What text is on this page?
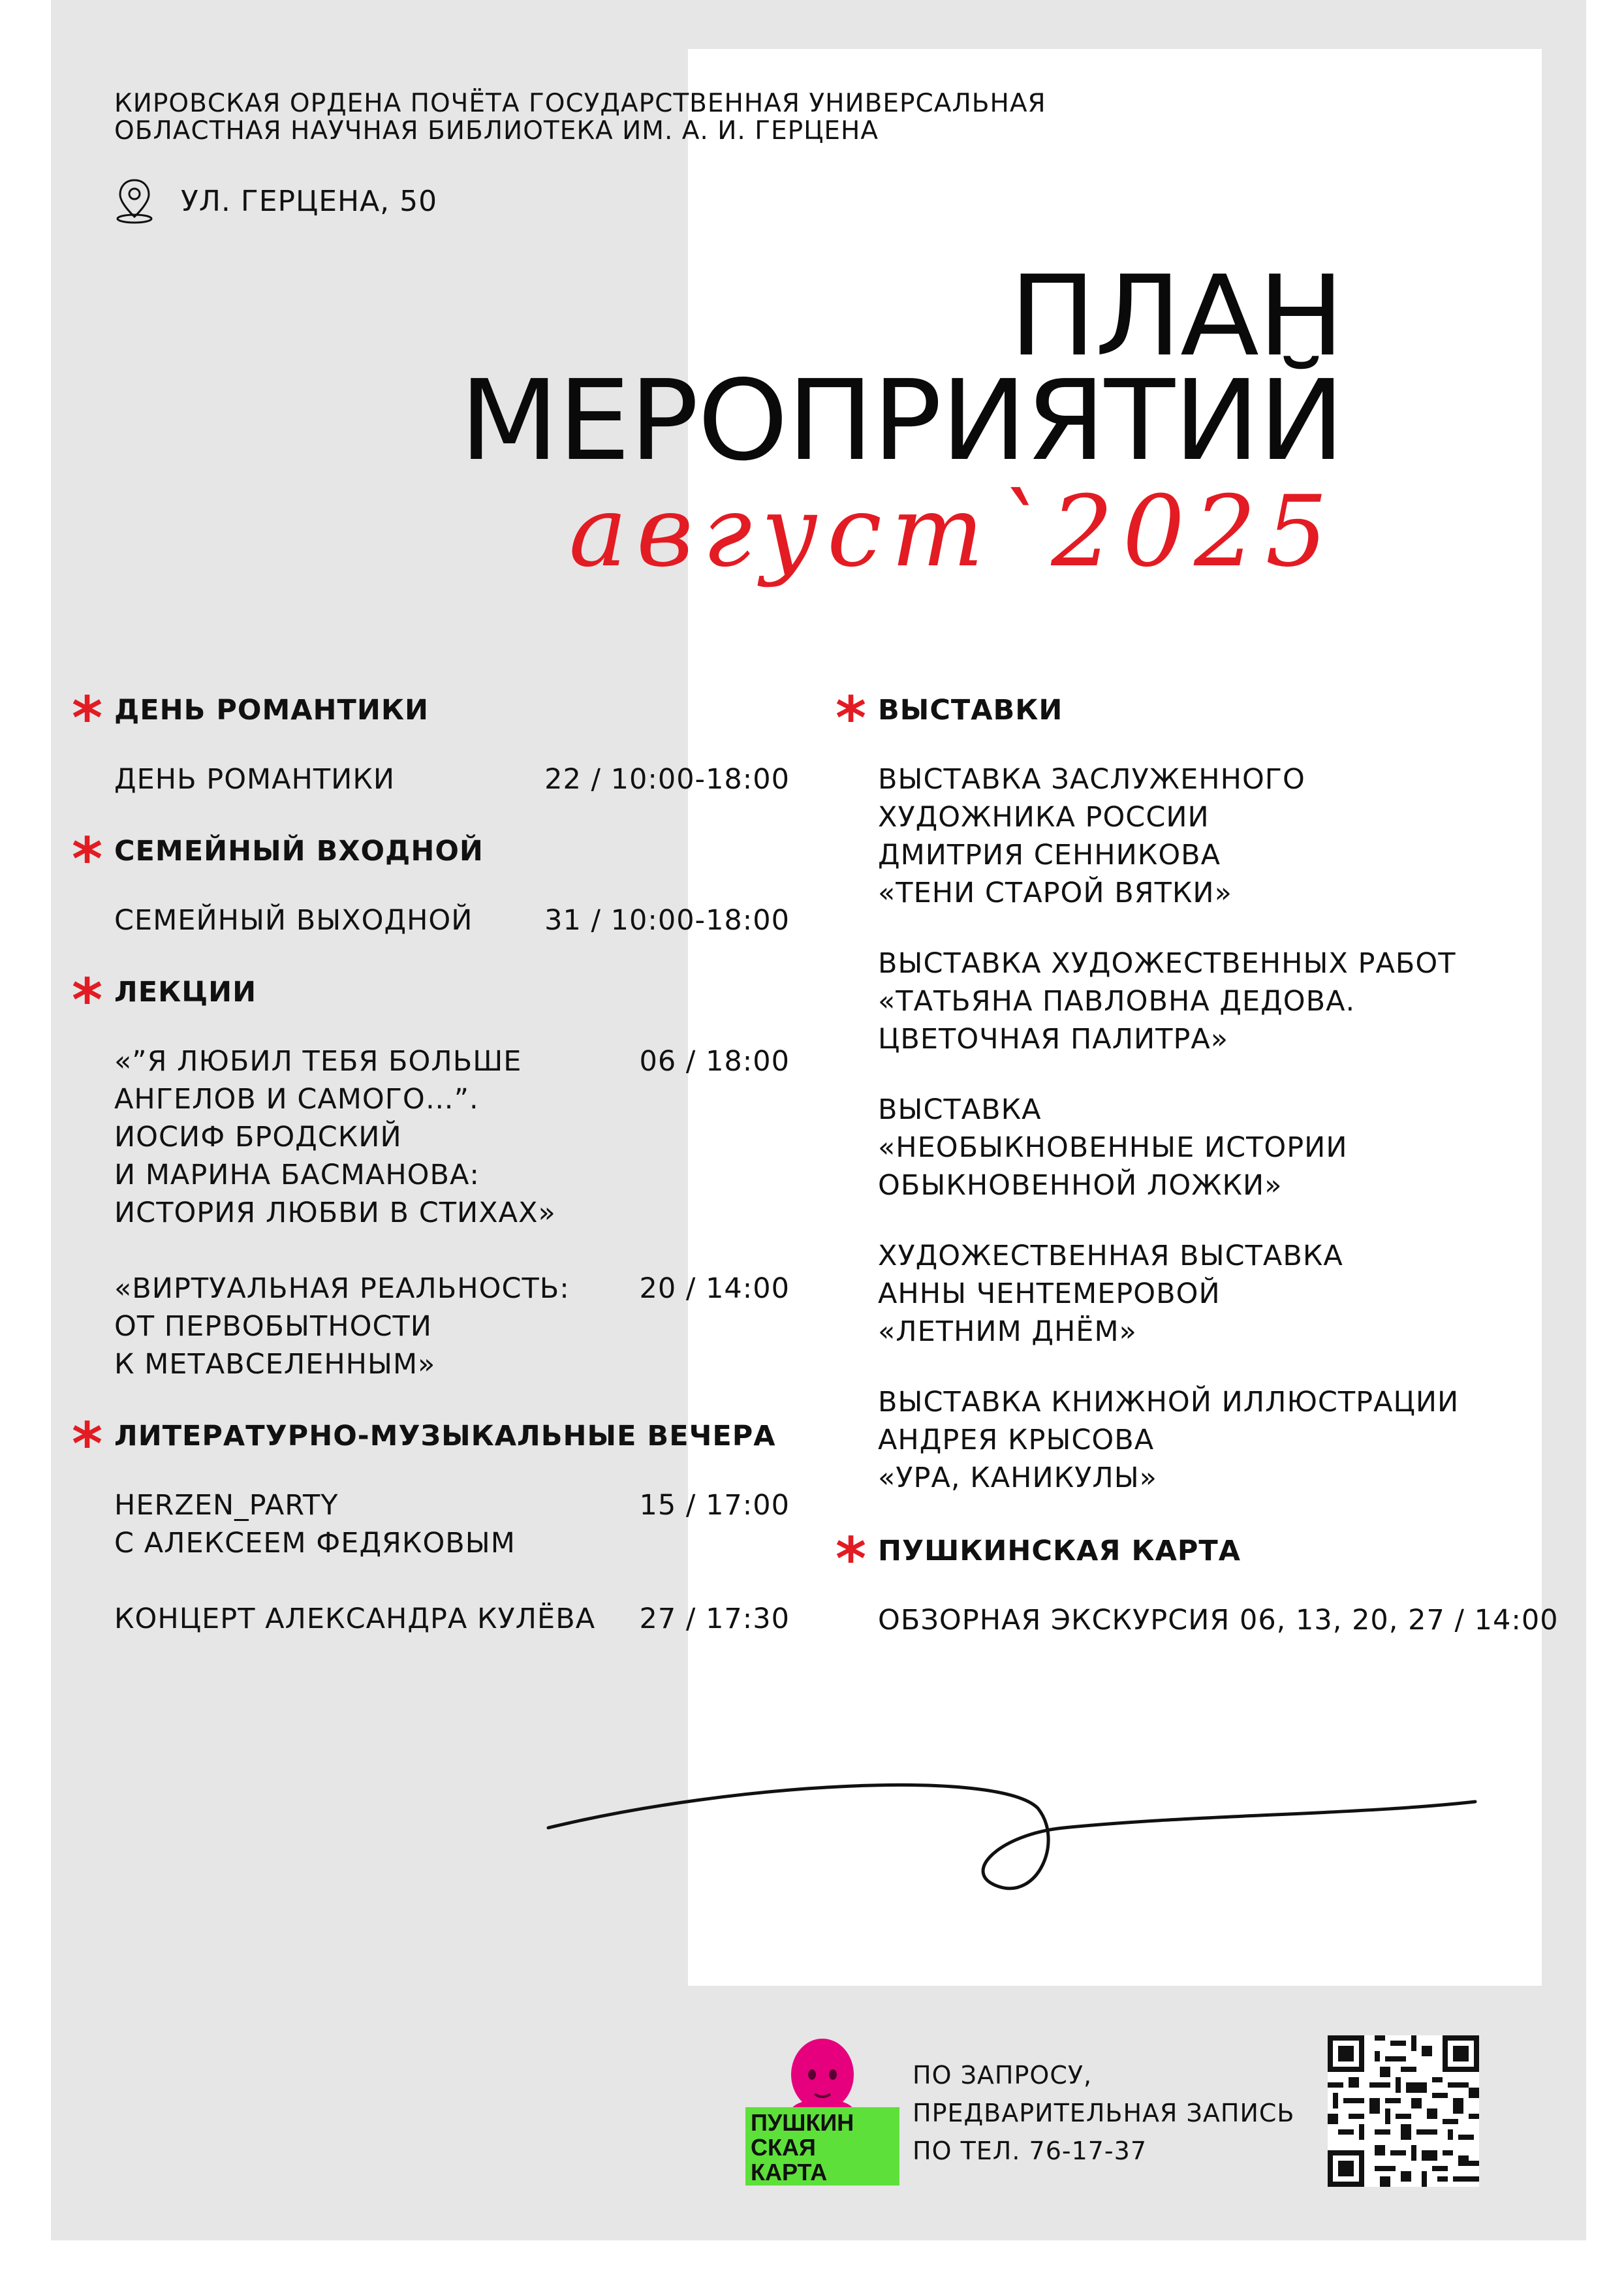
КИРОВСКАЯ ОРДЕНА ПОЧЁТА ГОСУДАРСТВЕННАЯ УНИВЕРСАЛЬНАЯ
ОБЛАСТНАЯ НАУЧНАЯ БИБЛИОТЕКА ИМ. А. И. ГЕРЦЕНА
УЛ. ГЕРЦЕНА, 50
ПЛАН
МЕРОПРИЯТИЙ
август`2025
* ДЕНЬ РОМАНТИКИ
ДЕНЬ РОМАНТИКИ	22 / 10:00-18:00
* СЕМЕЙНЫЙ ВХОДНОЙ
СЕМЕЙНЫЙ ВЫХОДНОЙ	31 / 10:00-18:00
* ЛЕКЦИИ
«”Я ЛЮБИЛ ТЕБЯ БОЛЬШЕ
АНГЕЛОВ И САМОГО…”.
ИОСИФ БРОДСКИЙ
И МАРИНА БАСМАНОВА:
ИСТОРИЯ ЛЮБВИ В СТИХАХ»
06 / 18:00
«ВИРТУАЛЬНАЯ РЕАЛЬНОСТЬ:
ОТ ПЕРВОБЫТНОСТИ
К МЕТАВСЕЛЕННЫМ»
20 / 14:00
* ЛИТЕРАТУРНО-МУЗЫКАЛЬНЫЕ ВЕЧЕРА
HERZEN_PARTY
С АЛЕКСЕЕМ ФЕДЯКОВЫМ
15 / 17:00
КОНЦЕРТ АЛЕКСАНДРА КУЛЁВА 27 / 17:30
* ВЫСТАВКИ
ВЫСТАВКА ЗАСЛУЖЕННОГО
ХУДОЖНИКА РОССИИ
ДМИТРИЯ СЕННИКОВА
«ТЕНИ СТАРОЙ ВЯТКИ»
ВЫСТАВКА ХУДОЖЕСТВЕННЫХ РАБОТ
«ТАТЬЯНА ПАВЛОВНА ДЕДОВА.
ЦВЕТОЧНАЯ ПАЛИТРА»
ВЫСТАВКА
«НЕОБЫКНОВЕННЫЕ ИСТОРИИ
ОБЫКНОВЕННОЙ ЛОЖКИ»
ХУДОЖЕСТВЕННАЯ ВЫСТАВКА
АННЫ ЧЕНТЕМЕРОВОЙ
«ЛЕТНИМ ДНЁМ»
ВЫСТАВКА КНИЖНОЙ ИЛЛЮСТРАЦИИ
АНДРЕЯ КРЫСОВА
«УРА, КАНИКУЛЫ»
* ПУШКИНСКАЯ КАРТА
ОБЗОРНАЯ ЭКСКУРСИЯ 06, 13, 20, 27 / 14:00
ПУШКИН
СКАЯ
КАРТА
ПО ЗАПРОСУ,
ПРЕДВАРИТЕЛЬНАЯ ЗАПИСЬ
ПО ТЕЛ. 76-17-37
